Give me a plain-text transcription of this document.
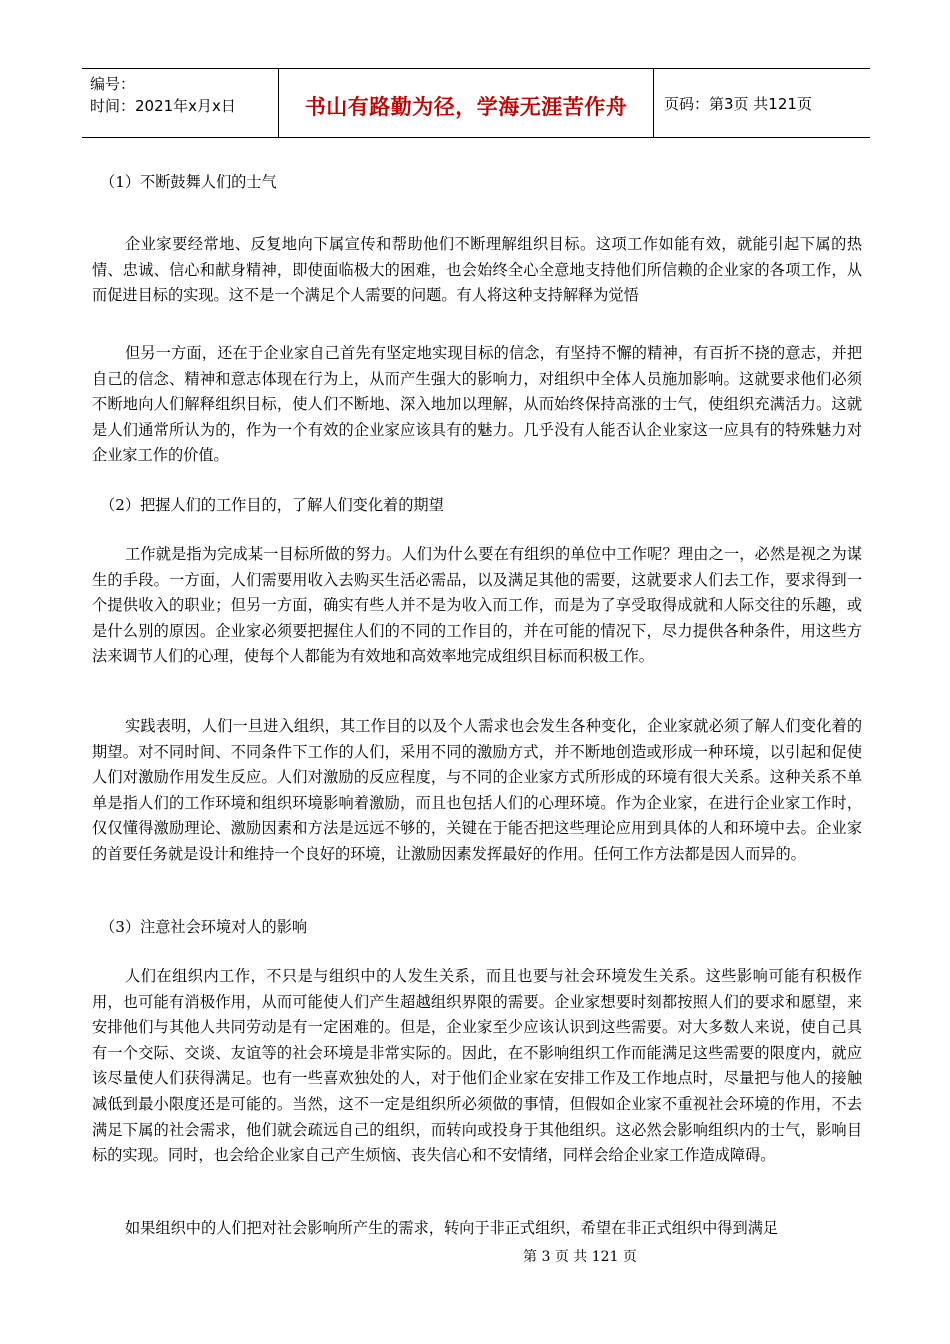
编号：
时间：2021年x月x日	书山有路勤为径，学海无涯苦作舟	页码：第3页 共121页
（1）不断鼓舞人们的士气
企业家要经常地、反复地向下属宣传和帮助他们不断理解组织目标。这项工作如能有效，就能引起下属的热情、忠诚、信心和献身精神，即使面临极大的困难，也会始终全心全意地支持他们所信赖的企业家的各项工作，从而促进目标的实现。这不是一个满足个人需要的问题。有人将这种支持解释为觉悟
但另一方面，还在于企业家自己首先有坚定地实现目标的信念，有坚持不懈的精神，有百折不挠的意志，并把自己的信念、精神和意志体现在行为上，从而产生强大的影响力，对组织中全体人员施加影响。这就要求他们必须不断地向人们解释组织目标，使人们不断地、深入地加以理解，从而始终保持高涨的士气，使组织充满活力。这就是人们通常所认为的，作为一个有效的企业家应该具有的魅力。几乎没有人能否认企业家这一应具有的特殊魅力对企业家工作的价值。
（2）把握人们的工作目的，了解人们变化着的期望
工作就是指为完成某一目标所做的努力。人们为什么要在有组织的单位中工作呢？理由之一，必然是视之为谋生的手段。一方面，人们需要用收入去购买生活必需品，以及满足其他的需要，这就要求人们去工作，要求得到一个提供收入的职业；但另一方面，确实有些人并不是为收入而工作，而是为了享受取得成就和人际交往的乐趣，或是什么别的原因。企业家必须要把握住人们的不同的工作目的，并在可能的情况下，尽力提供各种条件，用这些方法来调节人们的心理，使每个人都能为有效地和高效率地完成组织目标而积极工作。
实践表明，人们一旦进入组织，其工作目的以及个人需求也会发生各种变化，企业家就必须了解人们变化着的期望。对不同时间、不同条件下工作的人们，采用不同的激励方式，并不断地创造或形成一种环境，以引起和促使人们对激励作用发生反应。人们对激励的反应程度，与不同的企业家方式所形成的环境有很大关系。这种关系不单单是指人们的工作环境和组织环境影响着激励，而且也包括人们的心理环境。作为企业家，在进行企业家工作时，仅仅懂得激励理论、激励因素和方法是远远不够的，关键在于能否把这些理论应用到具体的人和环境中去。企业家的首要任务就是设计和维持一个良好的环境，让激励因素发挥最好的作用。任何工作方法都是因人而异的。
（3）注意社会环境对人的影响
人们在组织内工作，不只是与组织中的人发生关系，而且也要与社会环境发生关系。这些影响可能有积极作用，也可能有消极作用，从而可能使人们产生超越组织界限的需要。企业家想要时刻都按照人们的要求和愿望，来安排他们与其他人共同劳动是有一定困难的。但是，企业家至少应该认识到这些需要。对大多数人来说，使自己具有一个交际、交谈、友谊等的社会环境是非常实际的。因此，在不影响组织工作而能满足这些需要的限度内，就应该尽量使人们获得满足。也有一些喜欢独处的人，对于他们企业家在安排工作及工作地点时，尽量把与他人的接触减低到最小限度还是可能的。当然，这不一定是组织所必须做的事情，但假如企业家不重视社会环境的作用，不去满足下属的社会需求，他们就会疏远自己的组织，而转向或投身于其他组织。这必然会影响组织内的士气，影响目标的实现。同时，也会给企业家自己产生烦恼、丧失信心和不安情绪，同样会给企业家工作造成障碍。
如果组织中的人们把对社会影响所产生的需求，转向于非正式组织，希望在非正式组织中得到满足
第 3 页 共 121 页
